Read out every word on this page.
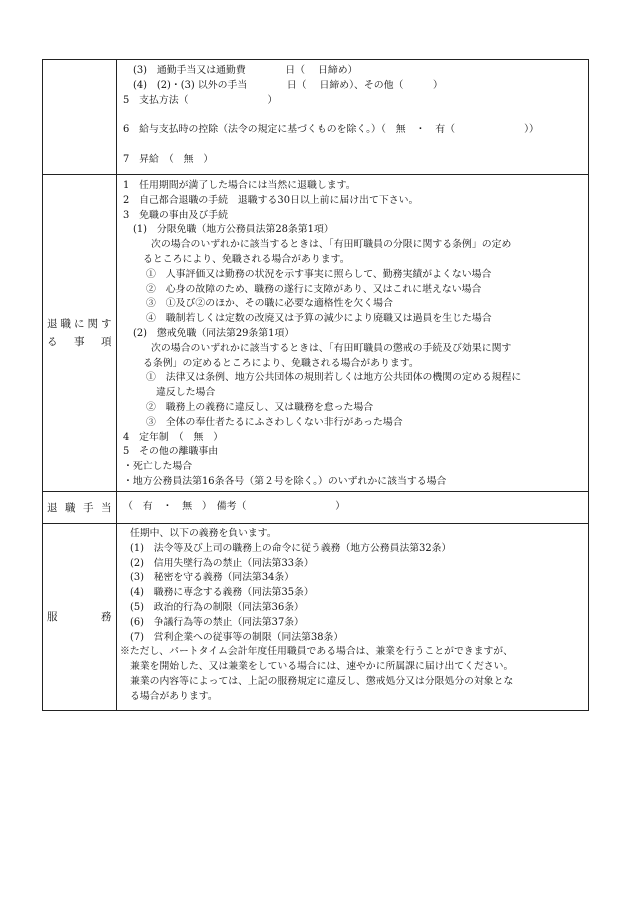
(3)　通勤手当又は通勤費　　　　日（　 日締め）
(4)　(2)・(3) 以外の手当　　　　日（　 日締め）、その他（　　　）
5　支払方法（　　　　　　　　）
6　給与支払時の控除（法令の規定に基づくものを除く。）（　無　・　有（　　　　　　　））
7　昇給　（　無　）
退職に関する事項
1　任用期間が満了した場合には当然に退職します。
2　自己都合退職の手続　退職する30日以上前に届け出て下さい。
3　免職の事由及び手続
(1)　分限免職（地方公務員法第28条第1項）
次の場合のいずれかに該当するときは、「有田町職員の分限に関する条例」の定め
るところにより、免職される場合があります。
①　人事評価又は勤務の状況を示す事実に照らして、勤務実績がよくない場合
②　心身の故障のため、職務の遂行に支障があり、又はこれに堪えない場合
③　①及び②のほか、その職に必要な適格性を欠く場合
④　職制若しくは定数の改廃又は予算の減少により廃職又は過員を生じた場合
(2)　懲戒免職（同法第29条第1項）
次の場合のいずれかに該当するときは、「有田町職員の懲戒の手続及び効果に関す
る条例」の定めるところにより、免職される場合があります。
①　法律又は条例、地方公共団体の規則若しくは地方公共団体の機関の定める規程に
違反した場合
②　職務上の義務に違反し、又は職務を怠った場合
③　全体の奉仕者たるにふさわしくない非行があった場合
4　定年制　（　無　）
5　その他の離職事由
・死亡した場合
・地方公務員法第16条各号（第２号を除く。）のいずれかに該当する場合
退職手当 （　有　・　無　）　備考（　　　　　　　　　）
服務
任期中、以下の義務を負います。
(1)　法令等及び上司の職務上の命令に従う義務（地方公務員法第32条）
(2)　信用失墜行為の禁止（同法第33条）
(3)　秘密を守る義務（同法第34条）
(4)　職務に専念する義務（同法第35条）
(5)　政治的行為の制限（同法第36条）
(6)　争議行為等の禁止（同法第37条）
(7)　営利企業への従事等の制限（同法第38条）
※ただし、パートタイム会計年度任用職員である場合は、兼業を行うことができますが、
兼業を開始した、又は兼業をしている場合には、速やかに所属課に届け出てください。
兼業の内容等によっては、上記の服務規定に違反し、懲戒処分又は分限処分の対象とな
る場合があります。
